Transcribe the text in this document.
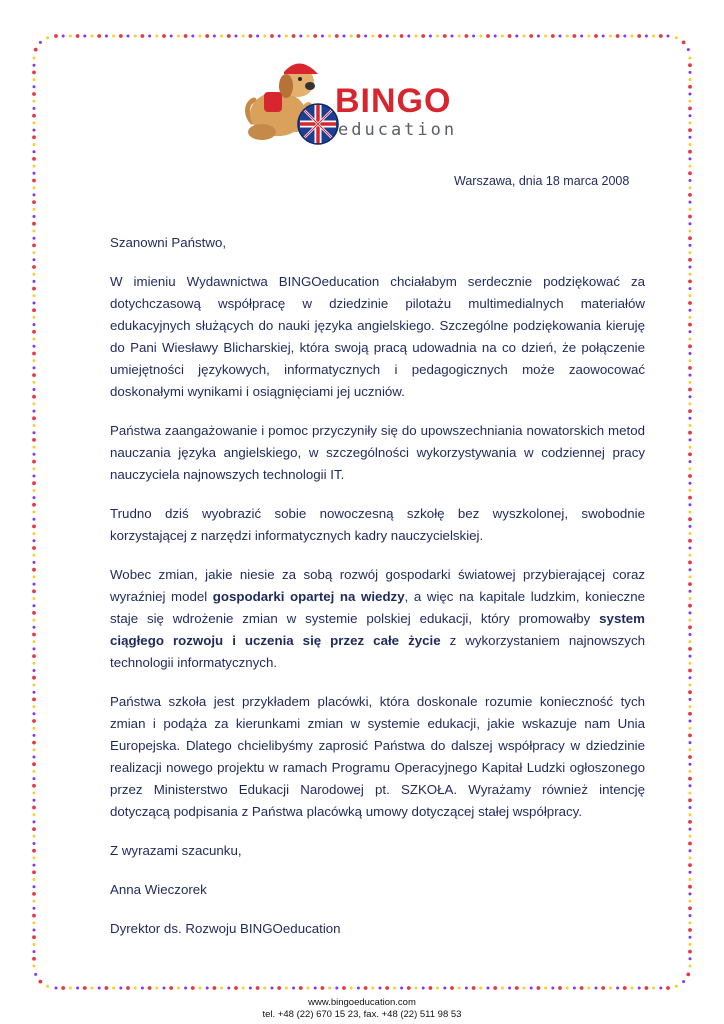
BINGO
education
Warszawa, dnia 18 marca 2008

Szanowni Państwo,

W imieniu Wydawnictwa BINGOeducation chciałabym serdecznie podziękować za dotychczasową współpracę w dziedzinie pilotażu multimedialnych materiałów edukacyjnych służących do nauki języka angielskiego. Szczególne podziękowania kieruję do Pani Wiesławy Blicharskiej, która swoją pracą udowadnia na co dzień, że połączenie umiejętności językowych, informatycznych i pedagogicznych może zaowocować doskonałymi wynikami i osiągnięciami jej uczniów.

Państwa zaangażowanie i pomoc przyczyniły się do upowszechniania nowatorskich metod nauczania języka angielskiego, w szczególności wykorzystywania w codziennej pracy nauczyciela najnowszych technologii IT.

Trudno dziś wyobrazić sobie nowoczesną szkołę bez wyszkolonej, swobodnie korzystającej z narzędzi informatycznych kadry nauczycielskiej.

Wobec zmian, jakie niesie za sobą rozwój gospodarki światowej przybierającej coraz wyraźniej model gospodarki opartej na wiedzy, a więc na kapitale ludzkim, konieczne staje się wdrożenie zmian w systemie polskiej edukacji, który promowałby system ciągłego rozwoju i uczenia się przez całe życie z wykorzystaniem najnowszych technologii informatycznych.

Państwa szkoła jest przykładem placówki, która doskonale rozumie konieczność tych zmian i podąża za kierunkami zmian w systemie edukacji, jakie wskazuje nam Unia Europejska. Dlatego chcielibyśmy zaprosić Państwa do dalszej współpracy w dziedzinie realizacji nowego projektu w ramach Programu Operacyjnego Kapitał Ludzki ogłoszonego przez Ministerstwo Edukacji Narodowej pt. SZKOŁA. Wyrażamy również intencję dotyczącą podpisania z Państwa placówką umowy dotyczącej stałej współpracy.

Z wyrazami szacunku,

Anna Wieczorek

Dyrektor ds. Rozwoju BINGOeducation

www.bingoeducation.com
tel. +48 (22) 670 15 23, fax. +48 (22) 511 98 53
